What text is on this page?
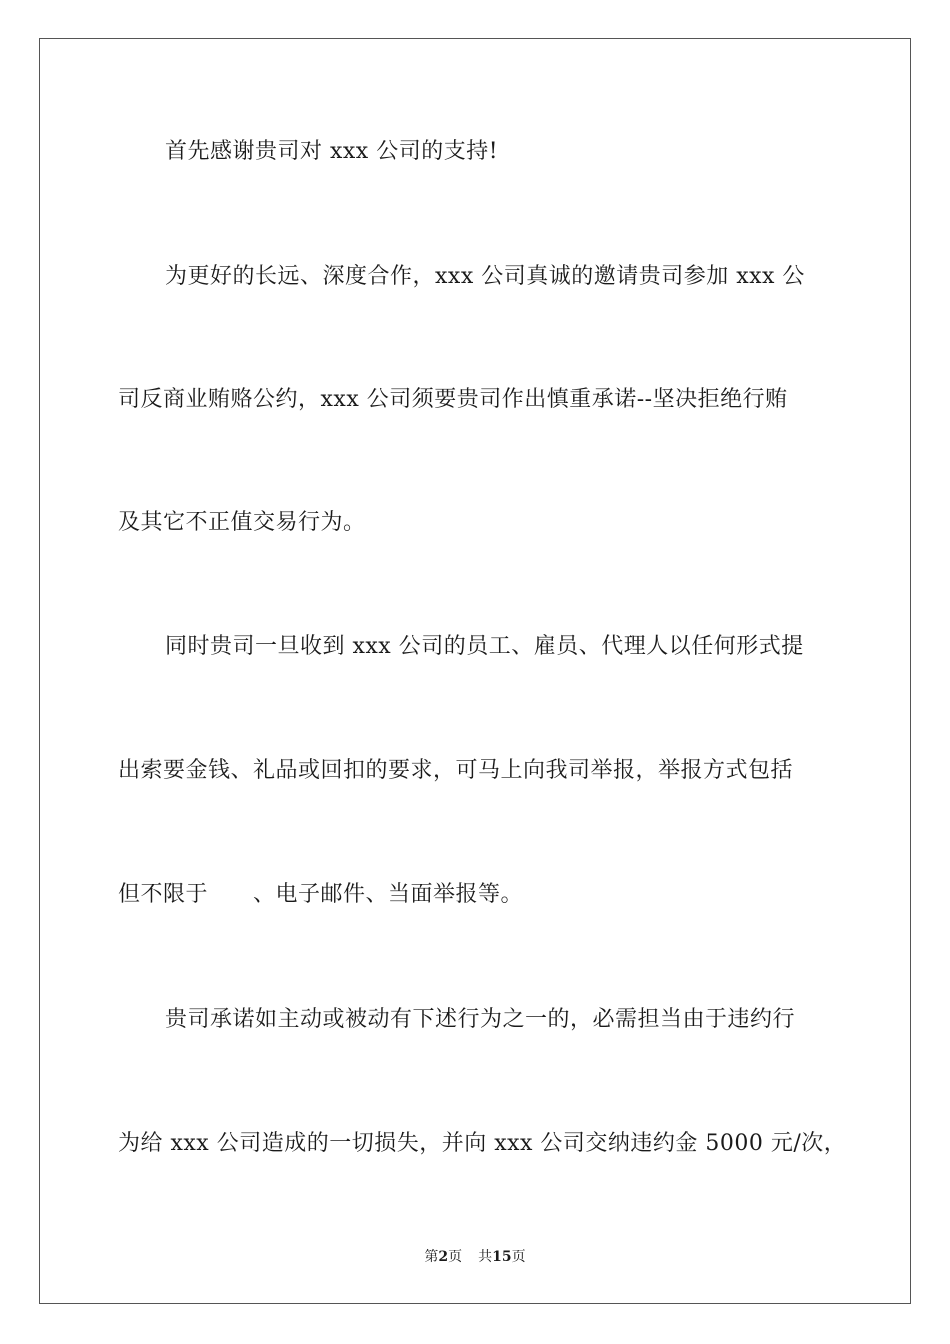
首先感谢贵司对 xxx 公司的支持!
为更好的长远、深度合作，xxx 公司真诚的邀请贵司参加 xxx 公
司反商业贿赂公约，xxx 公司须要贵司作出慎重承诺--坚决拒绝行贿
及其它不正值交易行为。
同时贵司一旦收到 xxx 公司的员工、雇员、代理人以任何形式提
出索要金钱、礼品或回扣的要求，可马上向我司举报，举报方式包括
但不限于　　、电子邮件、当面举报等。
贵司承诺如主动或被动有下述行为之一的，必需担当由于违约行
为给 xxx 公司造成的一切损失，并向 xxx 公司交纳违约金 5000 元/次，
第2页 共15页
